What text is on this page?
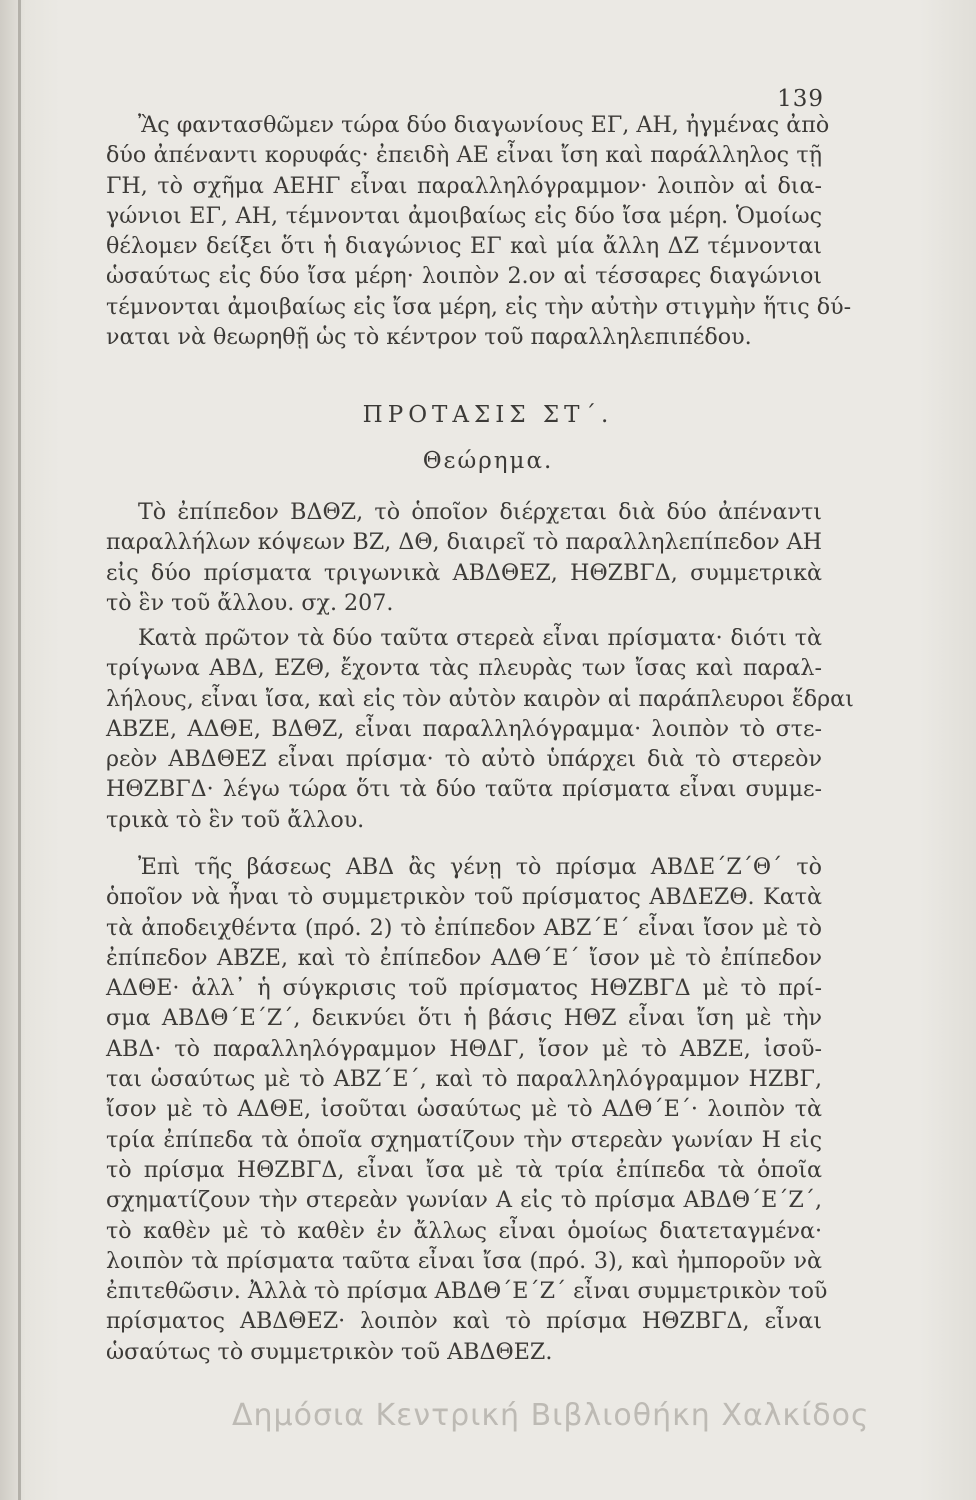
139
Ἂς φαντασθῶμεν τώρα δύο διαγωνίους ΕΓ, ΑΗ, ἠγμένας ἀπὸ
δύο ἀπέναντι κορυφάς· ἐπειδὴ ΑΕ εἶναι ἴση καὶ παράλληλος τῇ
ΓΗ, τὸ σχῆμα ΑΕΗΓ εἶναι παραλληλόγραμμον· λοιπὸν αἱ δια-
γώνιοι ΕΓ, ΑΗ, τέμνονται ἀμοιβαίως εἰς δύο ἴσα μέρη. Ὁμοίως
θέλομεν δείξει ὅτι ἡ διαγώνιος ΕΓ καὶ μία ἄλλη ΔΖ τέμνονται
ὡσαύτως εἰς δύο ἴσα μέρη· λοιπὸν 2.ον αἱ τέσσαρες διαγώνιοι
τέμνονται ἀμοιβαίως εἰς ἴσα μέρη, εἰς τὴν αὐτὴν στιγμὴν ἥτις δύ-
ναται νὰ θεωρηθῇ ὡς τὸ κέντρον τοῦ παραλληλεπιπέδου.
ΠΡΟΤΑΣΙΣ ΣΤ΄.
Θεώρημα.
Τὸ ἐπίπεδον ΒΔΘΖ, τὸ ὁποῖον διέρχεται διὰ δύο ἀπέναντι
παραλλήλων κόψεων ΒΖ, ΔΘ, διαιρεῖ τὸ παραλληλεπίπεδον ΑΗ
εἰς δύο πρίσματα τριγωνικὰ ΑΒΔΘΕΖ, ΗΘΖΒΓΔ, συμμετρικὰ
τὸ ἓν τοῦ ἄλλου. σχ. 207.
Κατὰ πρῶτον τὰ δύο ταῦτα στερεὰ εἶναι πρίσματα· διότι τὰ
τρίγωνα ΑΒΔ, ΕΖΘ, ἔχοντα τὰς πλευρὰς των ἴσας καὶ παραλ-
λήλους, εἶναι ἴσα, καὶ εἰς τὸν αὐτὸν καιρὸν αἱ παράπλευροι ἕδραι
ΑΒΖΕ, ΑΔΘΕ, ΒΔΘΖ, εἶναι παραλληλόγραμμα· λοιπὸν τὸ στε-
ρεὸν ΑΒΔΘΕΖ εἶναι πρίσμα· τὸ αὐτὸ ὑπάρχει διὰ τὸ στερεὸν
ΗΘΖΒΓΔ· λέγω τώρα ὅτι τὰ δύο ταῦτα πρίσματα εἶναι συμμε-
τρικὰ τὸ ἓν τοῦ ἄλλου.
Ἐπὶ τῆς βάσεως ΑΒΔ ἂς γένῃ τὸ πρίσμα ΑΒΔΕ΄Ζ΄Θ΄ τὸ
ὁποῖον νὰ ἦναι τὸ συμμετρικὸν τοῦ πρίσματος ΑΒΔΕΖΘ. Κατὰ
τὰ ἀποδειχθέντα (πρό. 2) τὸ ἐπίπεδον ΑΒΖ΄Ε΄ εἶναι ἴσον μὲ τὸ
ἐπίπεδον ΑΒΖΕ, καὶ τὸ ἐπίπεδον ΑΔΘ΄Ε΄ ἴσον μὲ τὸ ἐπίπεδον
ΑΔΘΕ· ἀλλ᾽ ἡ σύγκρισις τοῦ πρίσματος ΗΘΖΒΓΔ μὲ τὸ πρί-
σμα ΑΒΔΘ΄Ε΄Ζ΄, δεικνύει ὅτι ἡ βάσις ΗΘΖ εἶναι ἴση μὲ τὴν
ΑΒΔ· τὸ παραλληλόγραμμον ΗΘΔΓ, ἴσον μὲ τὸ ΑΒΖΕ, ἰσοῦ-
ται ὡσαύτως μὲ τὸ ΑΒΖ΄Ε΄, καὶ τὸ παραλληλόγραμμον ΗΖΒΓ,
ἴσον μὲ τὸ ΑΔΘΕ, ἰσοῦται ὡσαύτως μὲ τὸ ΑΔΘ΄Ε΄· λοιπὸν τὰ
τρία ἐπίπεδα τὰ ὁποῖα σχηματίζουν τὴν στερεὰν γωνίαν Η εἰς
τὸ πρίσμα ΗΘΖΒΓΔ, εἶναι ἴσα μὲ τὰ τρία ἐπίπεδα τὰ ὁποῖα
σχηματίζουν τὴν στερεὰν γωνίαν Α εἰς τὸ πρίσμα ΑΒΔΘ΄Ε΄Ζ΄,
τὸ καθὲν μὲ τὸ καθὲν ἐν ἄλλως εἶναι ὁμοίως διατεταγμένα·
λοιπὸν τὰ πρίσματα ταῦτα εἶναι ἴσα (πρό. 3), καὶ ἠμποροῦν νὰ
ἐπιτεθῶσιν. Ἀλλὰ τὸ πρίσμα ΑΒΔΘ΄Ε΄Ζ΄ εἶναι συμμετρικὸν τοῦ
πρίσματος ΑΒΔΘΕΖ· λοιπὸν καὶ τὸ πρίσμα ΗΘΖΒΓΔ, εἶναι
ὡσαύτως τὸ συμμετρικὸν τοῦ ΑΒΔΘΕΖ.
Δημόσια Κεντρική Βιβλιοθήκη Χαλκίδος
